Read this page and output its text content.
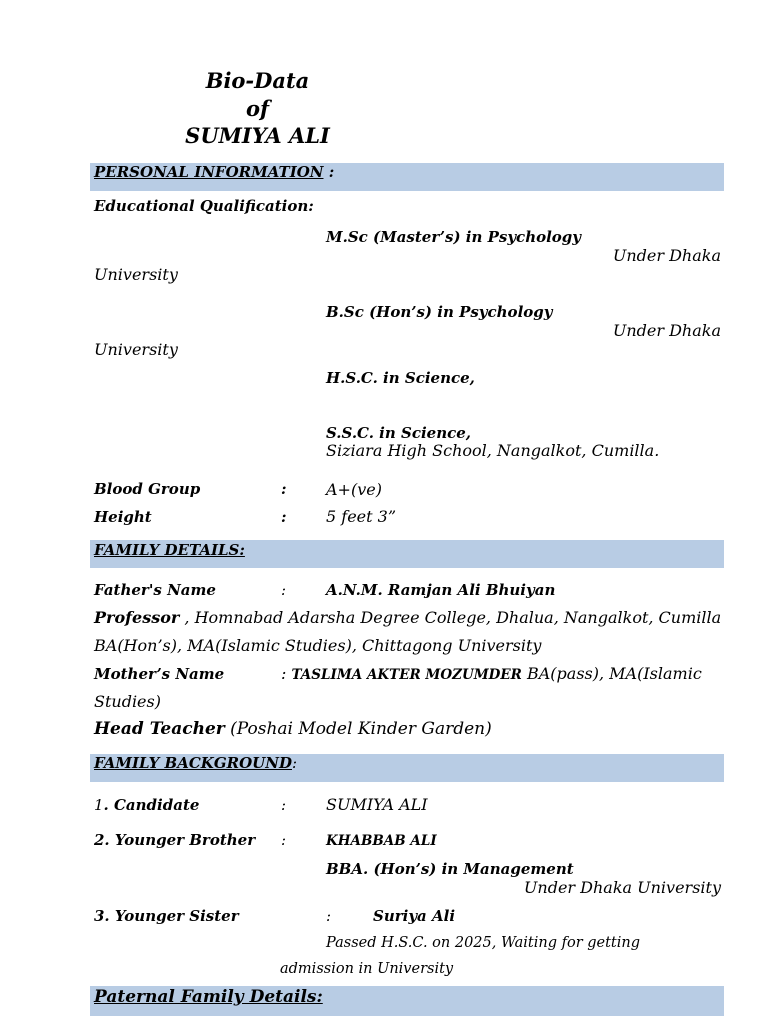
Bio-Data
of
SUMIYA ALI
PERSONAL INFORMATION :
Educational Qualification:
M.Sc (Master’s) in Psychology
Under Dhaka
University
B.Sc (Hon’s) in Psychology
Under Dhaka
University
H.S.C. in Science,
S.S.C. in Science,
Siziara High School, Nangalkot, Cumilla.
Blood Group	: A+(ve)
Height	: 5 feet 3”
FAMILY DETAILS:
Father's Name	:	A.N.M. Ramjan Ali Bhuiyan
Professor , Homnabad Adarsha Degree College, Dhalua, Nangalkot, Cumilla
BA(Hon’s), MA(Islamic Studies), Chittagong University
Mother’s Name	: TASLIMA AKTER MOZUMDER BA(pass), MA(Islamic
Studies)
Head Teacher (Poshai Model Kinder Garden)
FAMILY BACKGROUND:
1. Candidate	: SUMIYA ALI
2. Younger Brother :	KHABBAB ALI
BBA. (Hon’s) in Management
Under Dhaka University
3. Younger Sister	:	Suriya Ali
Passed H.S.C. on 2025, Waiting for getting
admission in University
Paternal Family Details:
